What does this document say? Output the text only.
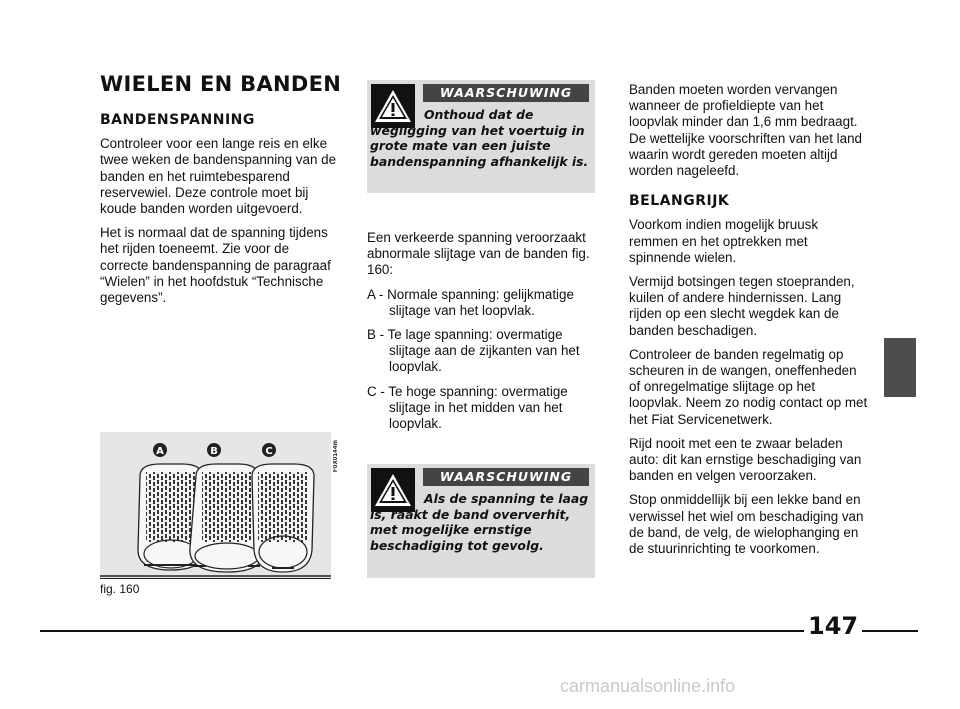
WIELEN EN BANDEN
BANDENSPANNING

Controleer voor een lange reis en elke twee weken de bandenspanning van de banden en het ruimtebesparend reservewiel. Deze controle moet bij koude banden worden uitgevoerd.

Het is normaal dat de spanning tijdens het rijden toeneemt. Zie voor de correcte bandenspanning de paragraaf “Wielen” in het hoofdstuk “Technische gegevens”.

A	B	C	F0X0144m
fig. 160
WAARSCHUWING
Onthoud dat de wegligging van het voertuig in grote mate van een juiste bandenspanning afhankelijk is.

Een verkeerde spanning veroorzaakt abnormale slijtage van de banden fig. 160:

A - Normale spanning: gelijkmatige slijtage van het loopvlak.

B - Te lage spanning: overmatige slijtage aan de zijkanten van het loopvlak.

C - Te hoge spanning: overmatige slijtage in het midden van het loopvlak.

WAARSCHUWING
Als de spanning te laag is, raakt de band oververhit, met mogelijke ernstige beschadiging tot gevolg.

Banden moeten worden vervangen wanneer de profieldiepte van het loopvlak minder dan 1,6 mm bedraagt. De wettelijke voorschriften van het land waarin wordt gereden moeten altijd worden nageleefd.

BELANGRIJK

Voorkom indien mogelijk bruusk remmen en het optrekken met spinnende wielen.

Vermijd botsingen tegen stoepranden, kuilen of andere hindernissen. Lang rijden op een slecht wegdek kan de banden beschadigen.

Controleer de banden regelmatig op scheuren in de wangen, oneffenheden of onregelmatige slijtage op het loopvlak. Neem zo nodig contact op met het Fiat Servicenetwerk.

Rijd nooit met een te zwaar beladen auto: dit kan ernstige beschadiging van banden en velgen veroorzaken.

Stop onmiddellijk bij een lekke band en verwissel het wiel om beschadiging van de band, de velg, de wielophanging en de stuurinrichting te voorkomen.

147
carmanualsonline.info
